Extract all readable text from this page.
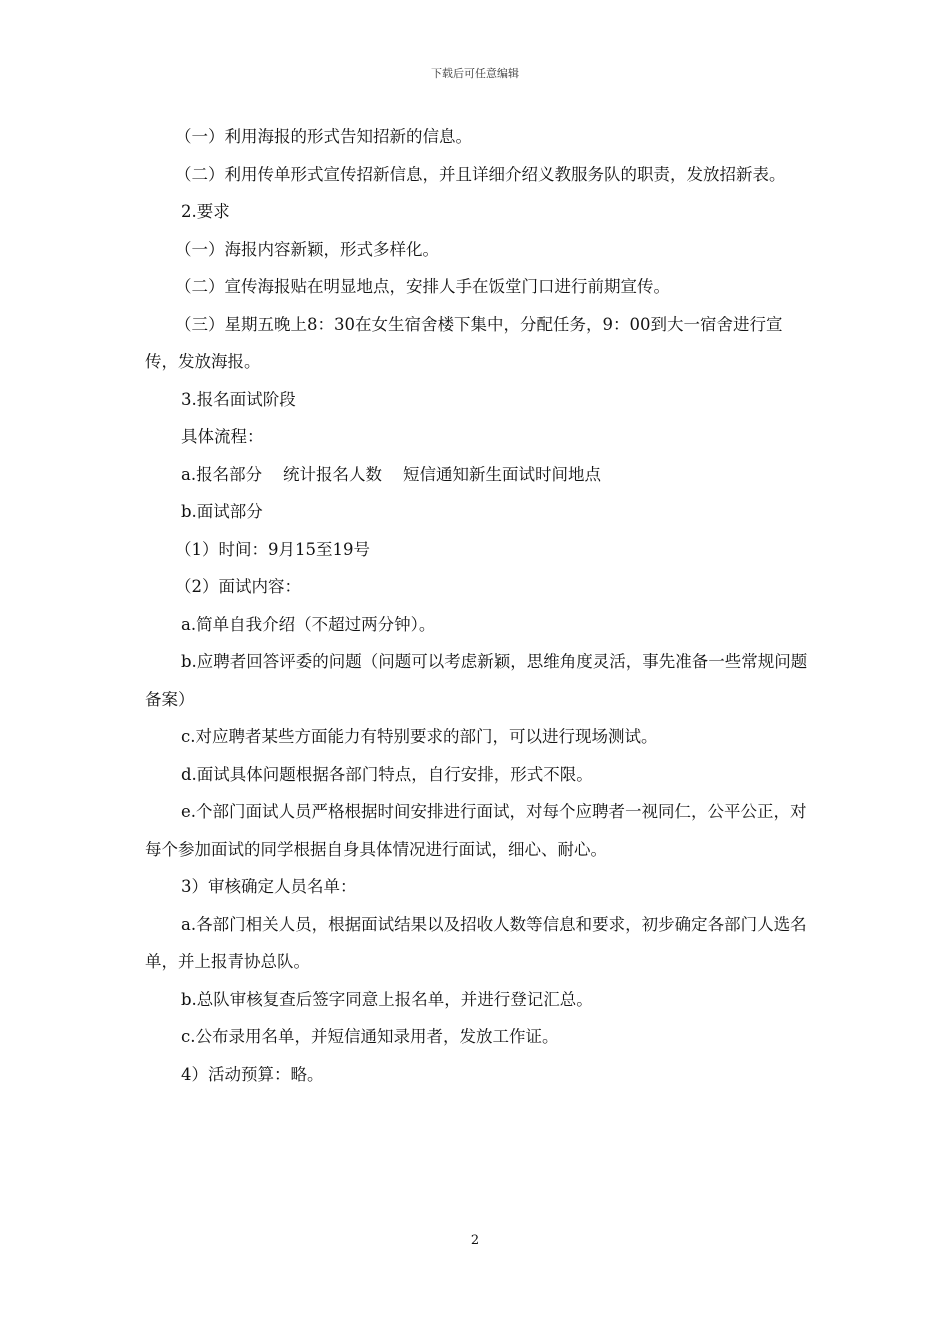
下载后可任意编辑

（一）利用海报的形式告知招新的信息。

（二）利用传单形式宣传招新信息，并且详细介绍义教服务队的职责，发放招新表。

2.要求

（一）海报内容新颖，形式多样化。

（二）宣传海报贴在明显地点，安排人手在饭堂门口进行前期宣传。

（三）星期五晚上8：30在女生宿舍楼下集中，分配任务，9：00到大一宿舍进行宣传，发放海报。

3.报名面试阶段

具体流程：

a.报名部分    统计报名人数    短信通知新生面试时间地点

b.面试部分

（1）时间：9月15至19号

（2）面试内容：

a.简单自我介绍（不超过两分钟）。

b.应聘者回答评委的问题（问题可以考虑新颖，思维角度灵活，事先准备一些常规问题备案）

c.对应聘者某些方面能力有特别要求的部门，可以进行现场测试。

d.面试具体问题根据各部门特点，自行安排，形式不限。

e.个部门面试人员严格根据时间安排进行面试，对每个应聘者一视同仁，公平公正，对每个参加面试的同学根据自身具体情况进行面试，细心、耐心。

3）审核确定人员名单：

a.各部门相关人员，根据面试结果以及招收人数等信息和要求，初步确定各部门人选名单，并上报青协总队。

b.总队审核复查后签字同意上报名单，并进行登记汇总。

c.公布录用名单，并短信通知录用者，发放工作证。

4）活动预算：略。

2
